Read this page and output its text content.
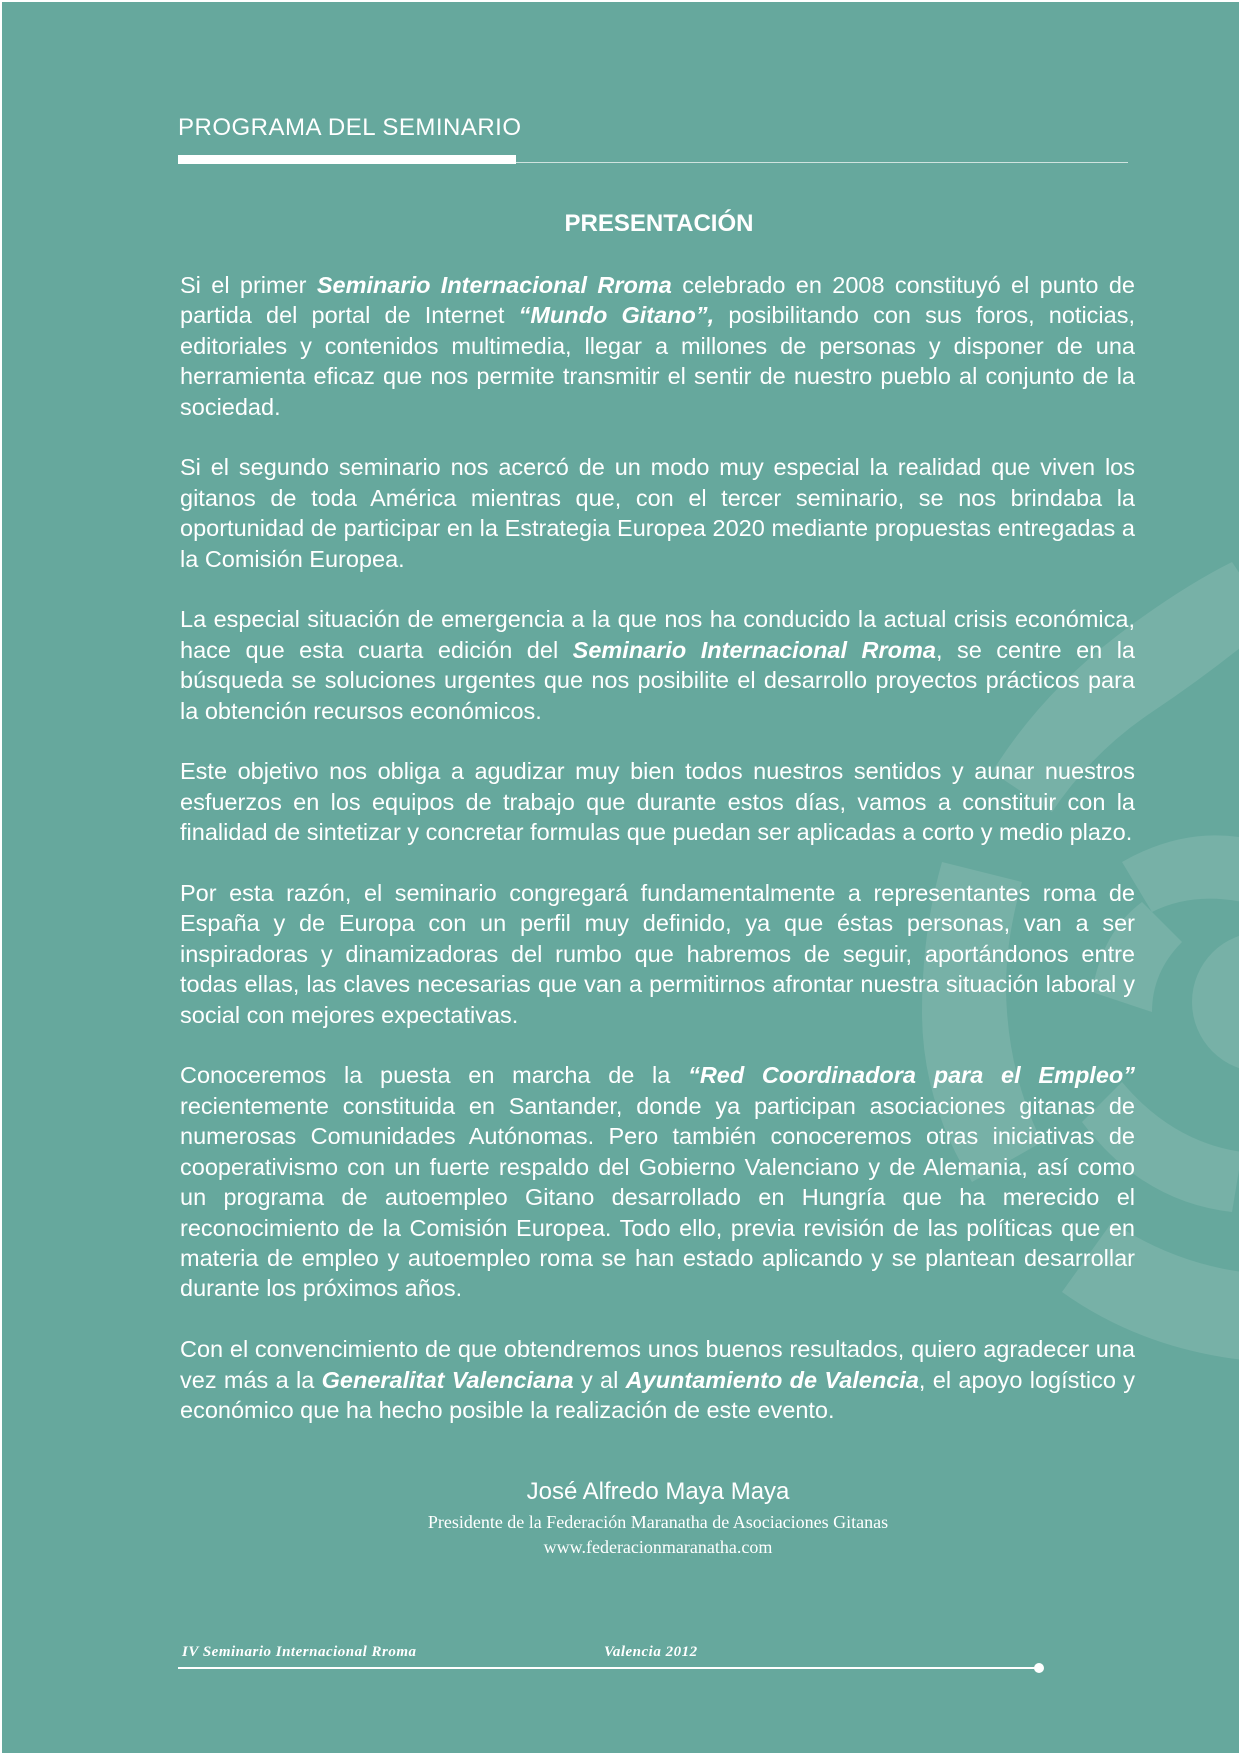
PROGRAMA DEL SEMINARIO
PRESENTACIÓN

Si el primer Seminario Internacional Rroma celebrado en 2008 constituyó el punto de partida del portal de Internet “Mundo Gitano”, posibilitando con sus foros, noticias, editoriales y contenidos multimedia, llegar a millones de personas y disponer de una herramienta eficaz que nos permite transmitir el sentir de nuestro pueblo al conjunto de la sociedad.

Si el segundo seminario nos acercó de un modo muy especial la realidad que viven los gitanos de toda América mientras que, con el tercer seminario, se nos brindaba la oportunidad de participar en la Estrategia Europea 2020 mediante propuestas entregadas a la Comisión Europea.

La especial situación de emergencia a la que nos ha conducido la actual crisis económica, hace que esta cuarta edición del Seminario Internacional Rroma, se centre en la búsqueda se soluciones urgentes que nos posibilite el desarrollo proyectos prácticos para la obtención recursos económicos.

Este objetivo nos obliga a agudizar muy bien todos nuestros sentidos y aunar nuestros esfuerzos en los equipos de trabajo que durante estos días, vamos a constituir con la finalidad de sintetizar y concretar formulas que puedan ser aplicadas a corto y medio plazo.

Por esta razón, el seminario congregará fundamentalmente a representantes roma de España y de Europa con un perfil muy definido, ya que éstas personas, van a ser inspiradoras y dinamizadoras del rumbo que habremos de seguir, aportándonos entre todas ellas, las claves necesarias que van a permitirnos afrontar nuestra situación laboral y social con mejores expectativas.

Conoceremos la puesta en marcha de la “Red Coordinadora para el Empleo” recientemente constituida en Santander, donde ya participan asociaciones gitanas de numerosas Comunidades Autónomas. Pero también conoceremos otras iniciativas de cooperativismo con un fuerte respaldo del Gobierno Valenciano y de Alemania, así como un programa de autoempleo Gitano desarrollado en Hungría que ha merecido el reconocimiento de la Comisión Europea. Todo ello, previa revisión de las políticas que en materia de empleo y autoempleo roma se han estado aplicando y se plantean desarrollar durante los próximos años.

Con el convencimiento de que obtendremos unos buenos resultados, quiero agradecer una vez más a la Generalitat Valenciana y al Ayuntamiento de Valencia, el apoyo logístico y económico que ha hecho posible la realización de este evento.

José Alfredo Maya Maya
Presidente de la Federación Maranatha de Asociaciones Gitanas
www.federacionmaranatha.com
IV Seminario Internacional Rroma	Valencia 2012
